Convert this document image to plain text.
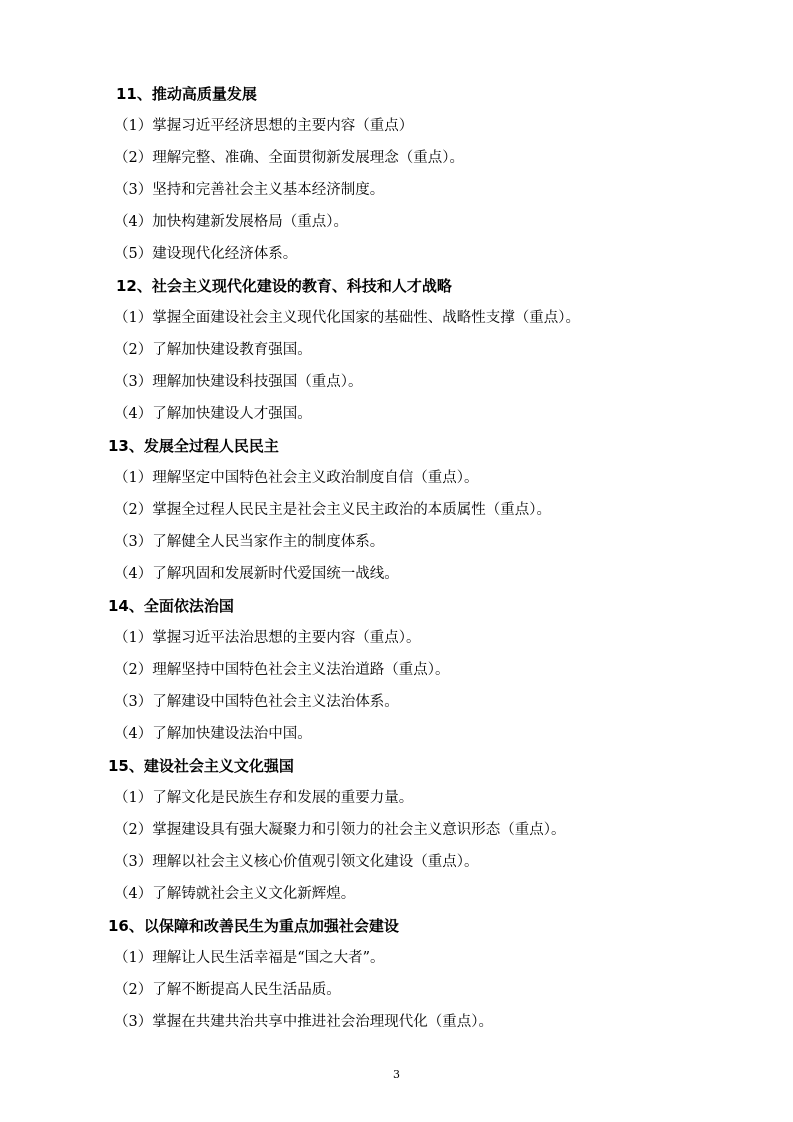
11、推动高质量发展
（1）掌握习近平经济思想的主要内容（重点）
（2）理解完整、准确、全面贯彻新发展理念（重点）。
（3）坚持和完善社会主义基本经济制度。
（4）加快构建新发展格局（重点）。
（5）建设现代化经济体系。
12、社会主义现代化建设的教育、科技和人才战略
（1）掌握全面建设社会主义现代化国家的基础性、战略性支撑（重点）。
（2）了解加快建设教育强国。
（3）理解加快建设科技强国（重点）。
（4）了解加快建设人才强国。
13、发展全过程人民民主
（1）理解坚定中国特色社会主义政治制度自信（重点）。
（2）掌握全过程人民民主是社会主义民主政治的本质属性（重点）。
（3）了解健全人民当家作主的制度体系。
（4）了解巩固和发展新时代爱国统一战线。
14、全面依法治国
（1）掌握习近平法治思想的主要内容（重点）。
（2）理解坚持中国特色社会主义法治道路（重点）。
（3）了解建设中国特色社会主义法治体系。
（4）了解加快建设法治中国。
15、建设社会主义文化强国
（1）了解文化是民族生存和发展的重要力量。
（2）掌握建设具有强大凝聚力和引领力的社会主义意识形态（重点）。
（3）理解以社会主义核心价值观引领文化建设（重点）。
（4）了解铸就社会主义文化新辉煌。
16、以保障和改善民生为重点加强社会建设
（1）理解让人民生活幸福是“国之大者”。
（2）了解不断提高人民生活品质。
（3）掌握在共建共治共享中推进社会治理现代化（重点）。
3
